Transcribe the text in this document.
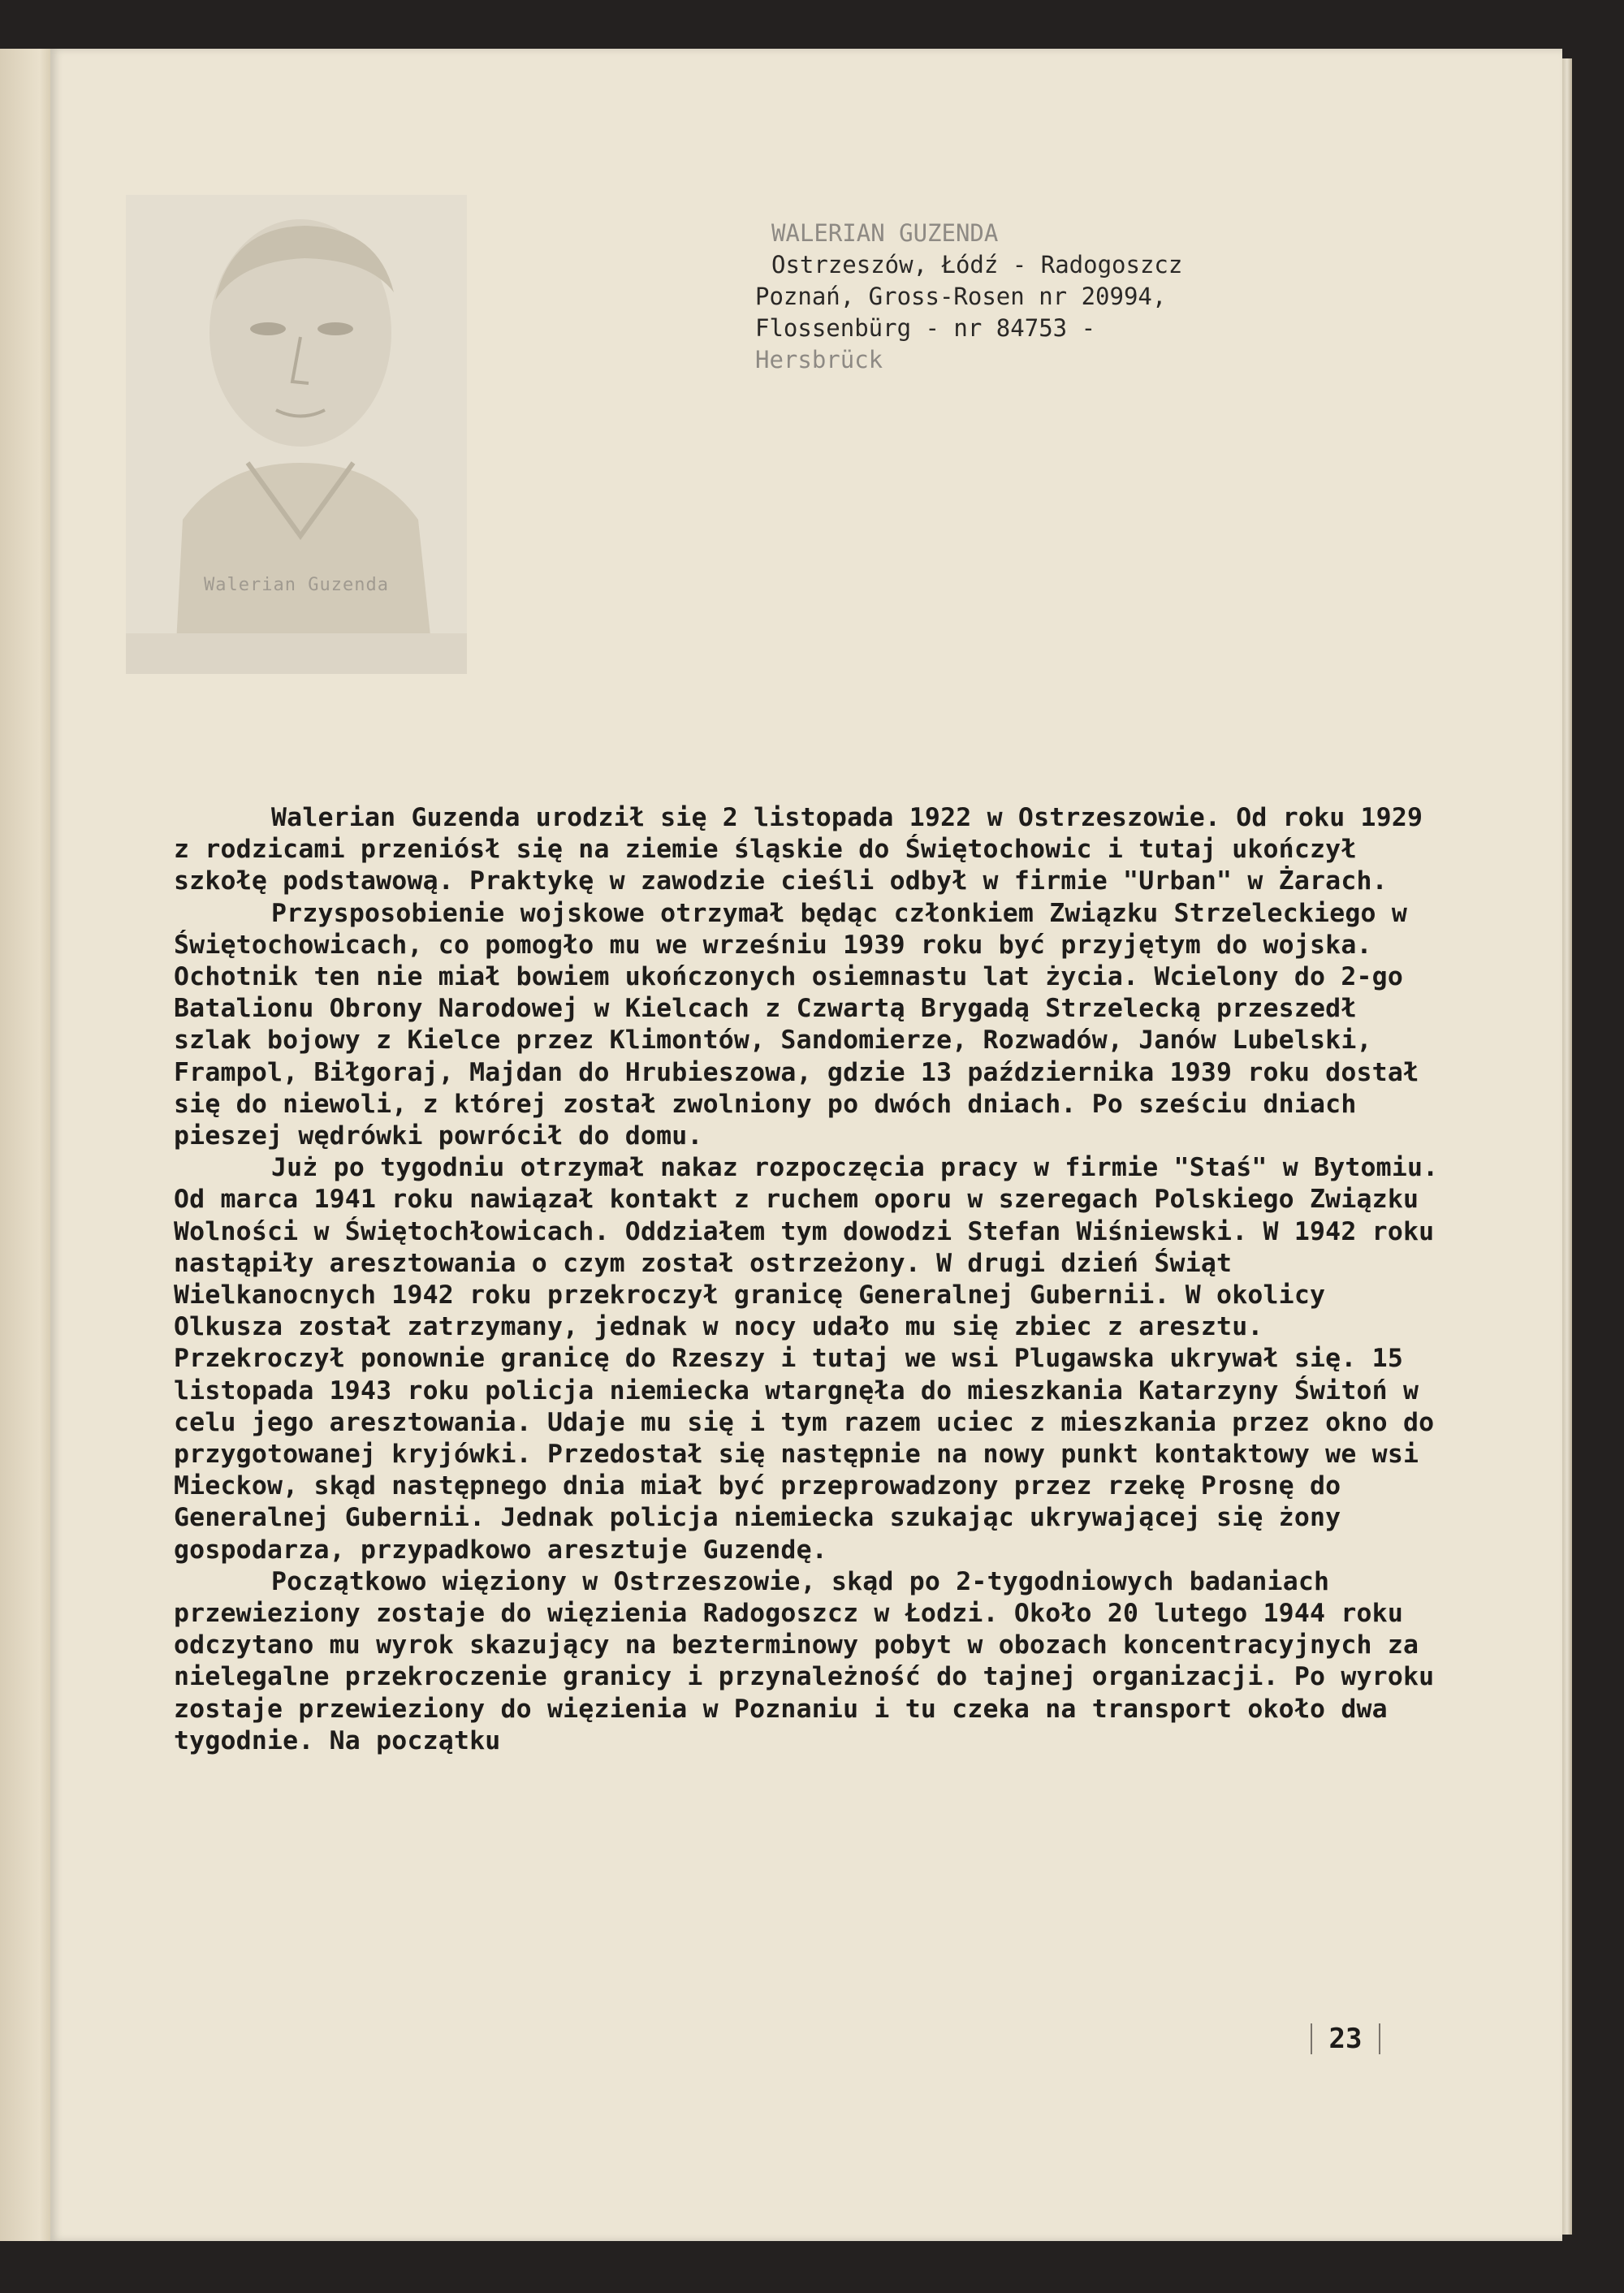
Walerian Guzenda
WALERIAN GUZENDA
Ostrzeszów, Łódź - Radogoszcz
Poznań, Gross-Rosen nr 20994,
Flossenbürg - nr 84753 -
Hersbrück

Walerian Guzenda urodził się 2 listopada 1922 w Ostrzeszowie. Od roku 1929 z rodzicami przeniósł się na ziemie śląskie do Świętochowic i tutaj ukończył szkołę podstawową. Praktykę w zawodzie cieśli odbył w firmie "Urban" w Żarach.

Przysposobienie wojskowe otrzymał będąc członkiem Związku Strzeleckiego w Świętochowicach, co pomogło mu we wrześniu 1939 roku być przyjętym do wojska. Ochotnik ten nie miał bowiem ukończonych osiemnastu lat życia. Wcielony do 2-go Batalionu Obrony Narodowej w Kielcach z Czwartą Brygadą Strzelecką przeszedł szlak bojowy z Kielce przez Klimontów, Sandomierze, Rozwadów, Janów Lubelski, Frampol, Biłgoraj, Majdan do Hrubieszowa, gdzie 13 października 1939 roku dostał się do niewoli, z której został zwolniony po dwóch dniach. Po sześciu dniach pieszej wędrówki powrócił do domu.

Już po tygodniu otrzymał nakaz rozpoczęcia pracy w firmie "Staś" w Bytomiu. Od marca 1941 roku nawiązał kontakt z ruchem oporu w szeregach Polskiego Związku Wolności w Świętochłowicach. Oddziałem tym dowodzi Stefan Wiśniewski. W 1942 roku nastąpiły aresztowania o czym został ostrzeżony. W drugi dzień Świąt Wielkanocnych 1942 roku przekroczył granicę Generalnej Gubernii. W okolicy Olkusza został zatrzymany, jednak w nocy udało mu się zbiec z aresztu. Przekroczył ponownie granicę do Rzeszy i tutaj we wsi Plugawska ukrywał się. 15 listopada 1943 roku policja niemiecka wtargnęła do mieszkania Katarzyny Świtoń w celu jego aresztowania. Udaje mu się i tym razem uciec z mieszkania przez okno do przygotowanej kryjówki. Przedostał się następnie na nowy punkt kontaktowy we wsi Mieckow, skąd następnego dnia miał być przeprowadzony przez rzekę Prosnę do Generalnej Gubernii. Jednak policja niemiecka szukając ukrywającej się żony gospodarza, przypadkowo aresztuje Guzendę.

Początkowo więziony w Ostrzeszowie, skąd po 2-tygodniowych badaniach przewieziony zostaje do więzienia Radogoszcz w Łodzi. Około 20 lutego 1944 roku odczytano mu wyrok skazujący na bezterminowy pobyt w obozach koncentracyjnych za nielegalne przekroczenie granicy i przynależność do tajnej organizacji. Po wyroku zostaje przewieziony do więzienia w Poznaniu i tu czeka na transport około dwa tygodnie. Na początku

23
